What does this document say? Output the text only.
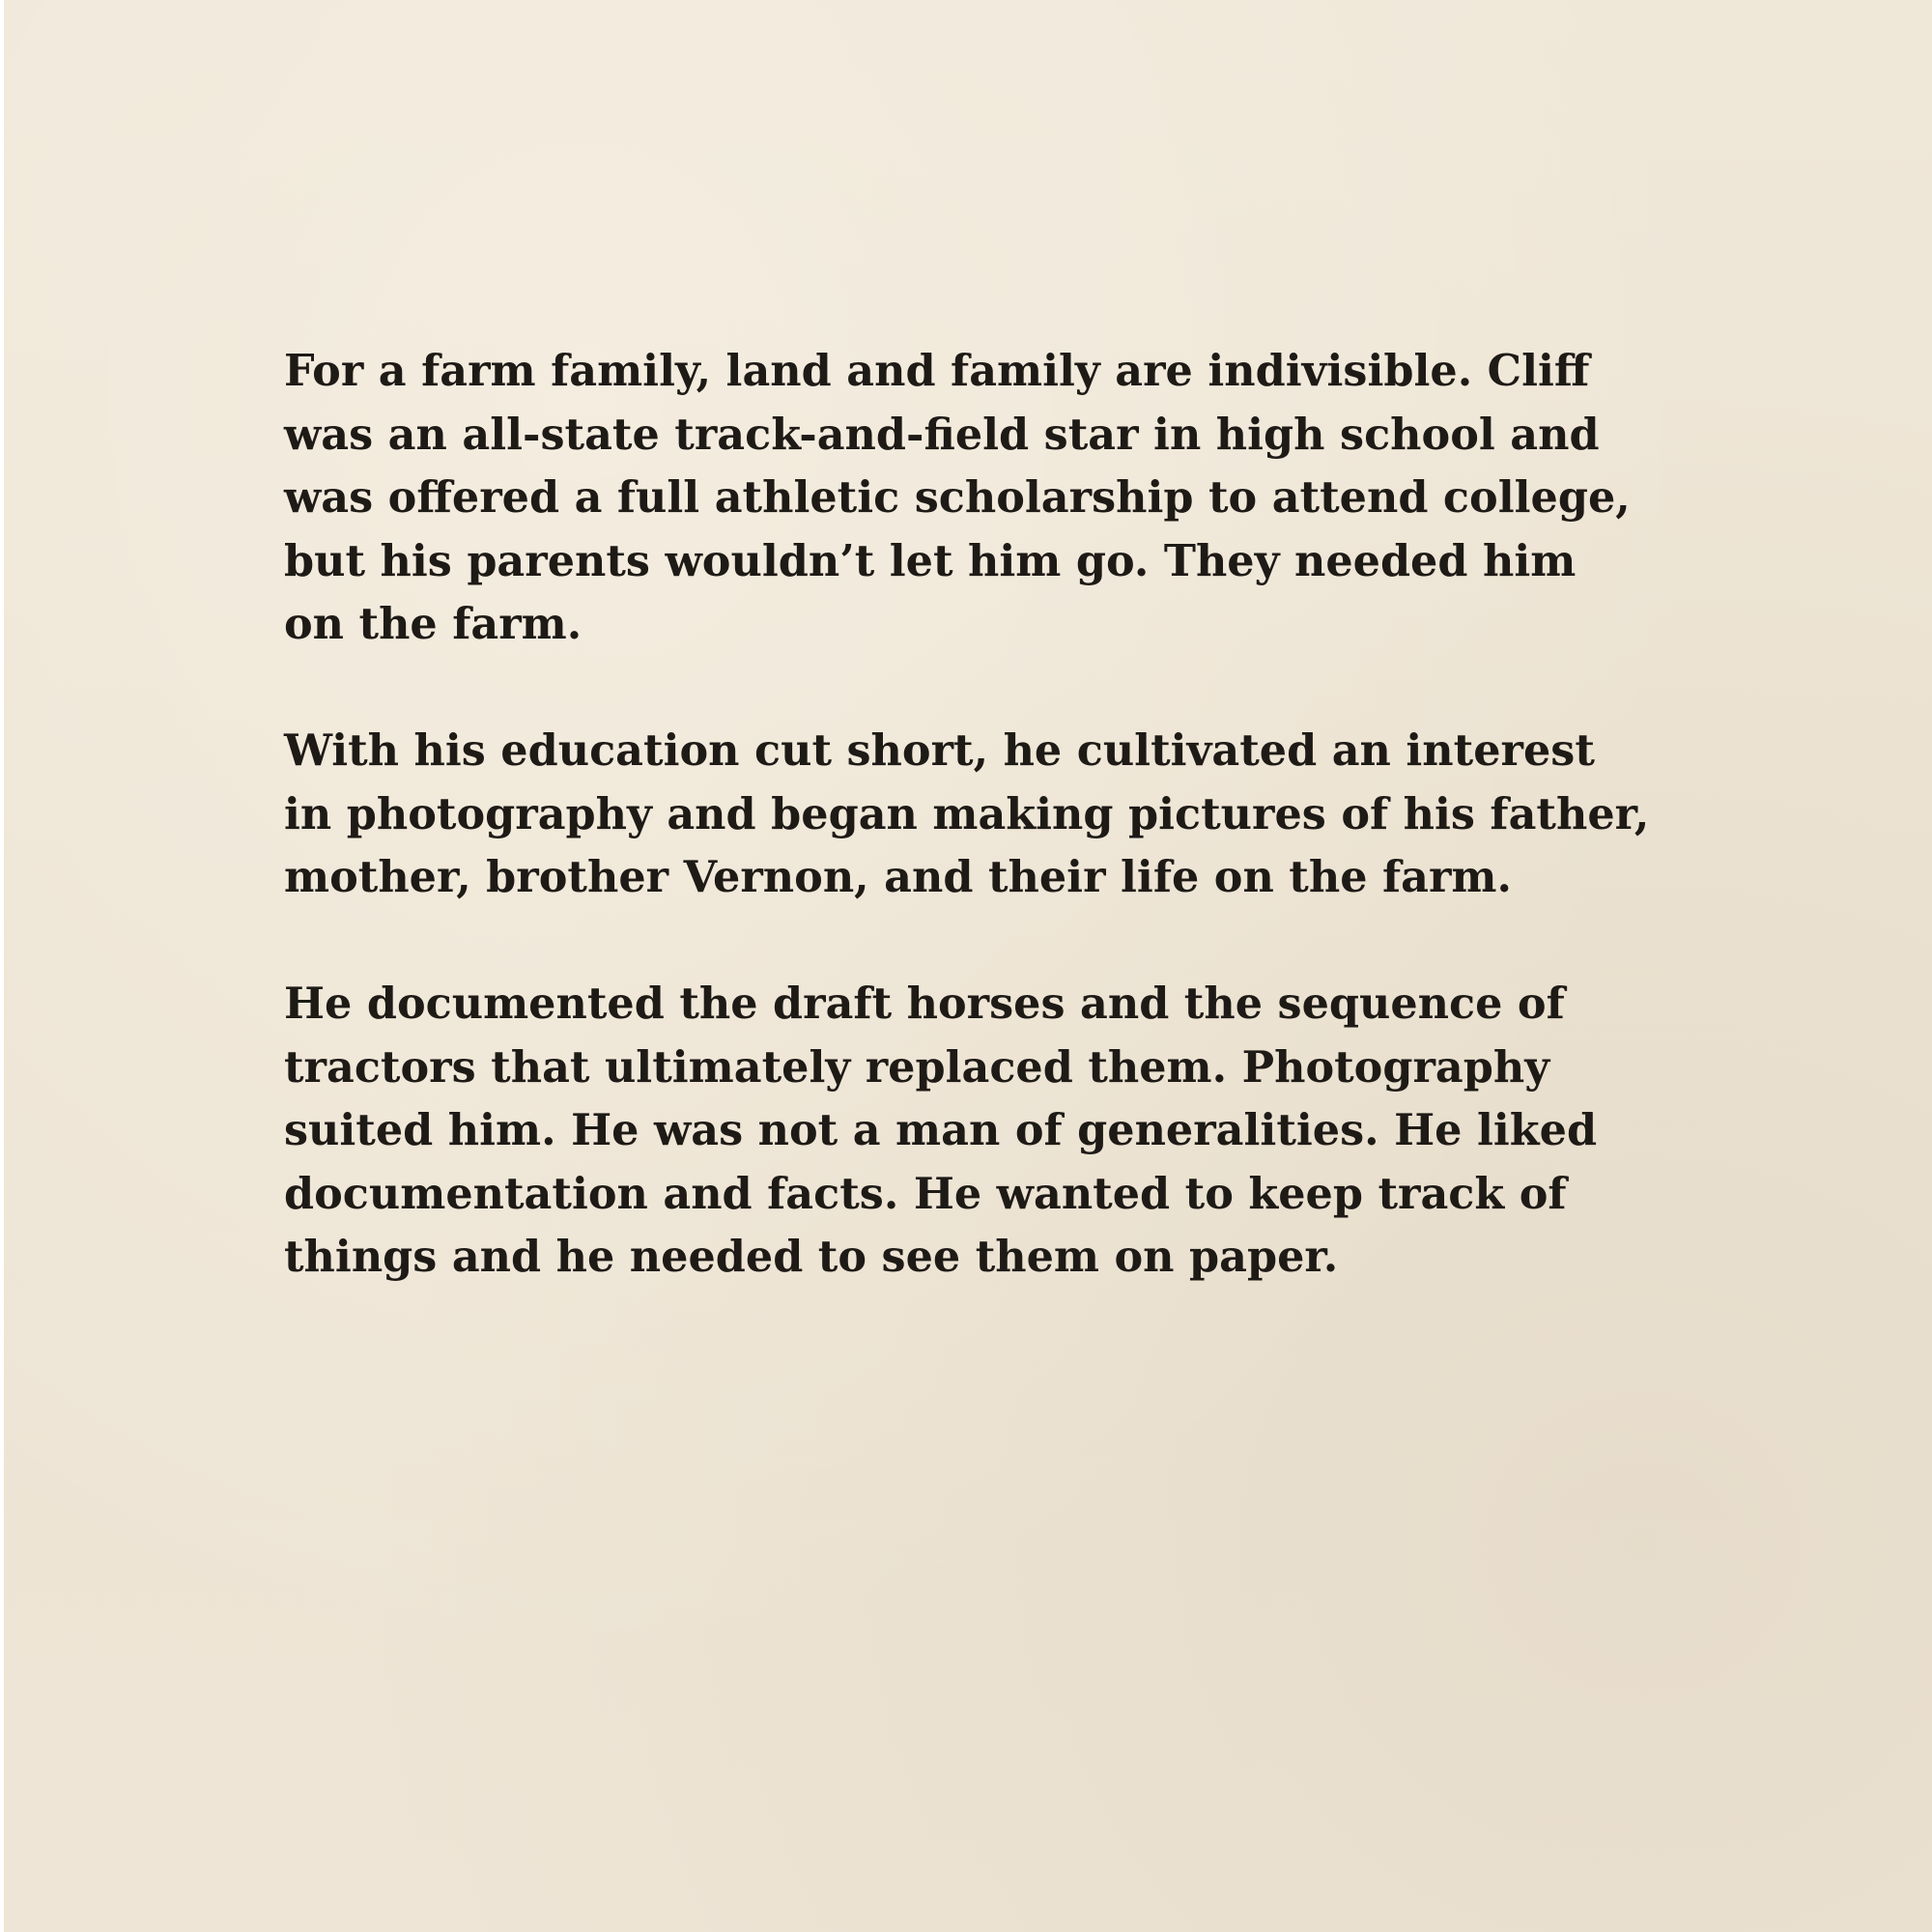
For a farm family, land and family are indivisible. Cliff
was an all-state track-and-field star in high school and
was offered a full athletic scholarship to attend college,
but his parents wouldn’t let him go. They needed him
on the farm.

With his education cut short, he cultivated an interest
in photography and began making pictures of his father,
mother, brother Vernon, and their life on the farm.

He documented the draft horses and the sequence of
tractors that ultimately replaced them. Photography
suited him. He was not a man of generalities. He liked
documentation and facts. He wanted to keep track of
things and he needed to see them on paper.
